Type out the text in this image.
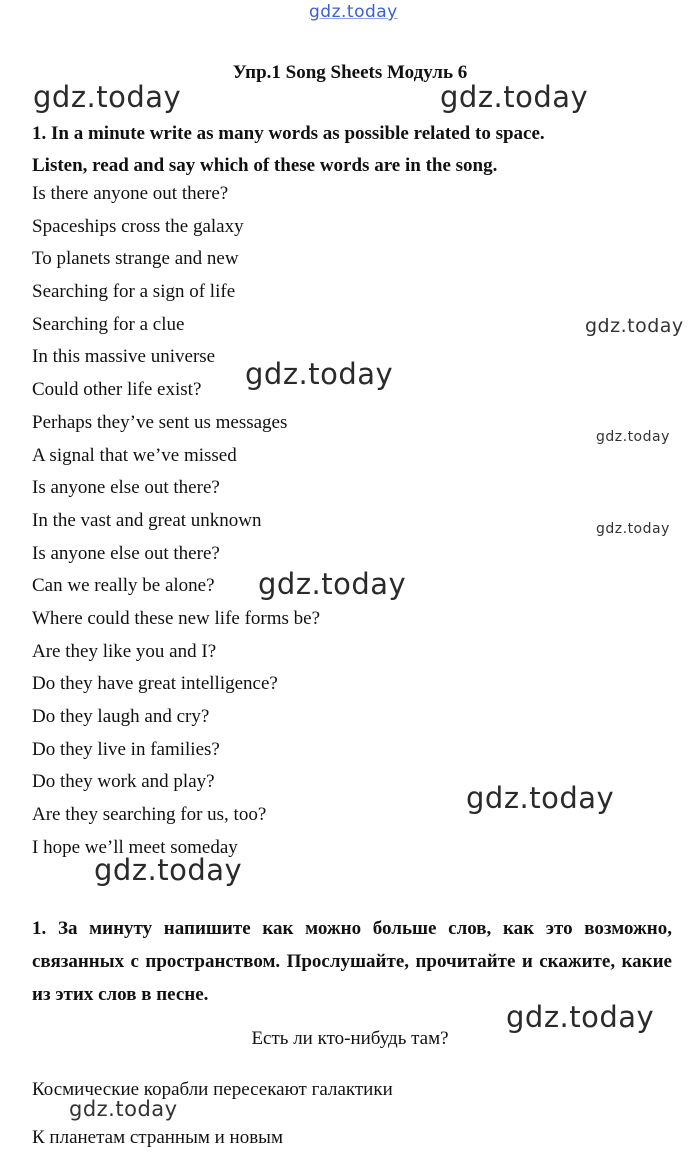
gdz.today
gdz.today	gdz.today
gdz.today
gdz.today
gdz.today
gdz.today
gdz.today
gdz.today
gdz.today
gdz.today
gdz.today
Упр.1 Song Sheets Модуль 6
1. In a minute write as many words as possible related to space.
Listen, read and say which of these words are in the song.
Is there anyone out there?
Spaceships cross the galaxy
To planets strange and new
Searching for a sign of life
Searching for a clue
In this massive universe
Could other life exist?
Perhaps they’ve sent us messages
A signal that we’ve missed
Is anyone else out there?
In the vast and great unknown
Is anyone else out there?
Can we really be alone?
Where could these new life forms be?
Are they like you and I?
Do they have great intelligence?
Do they laugh and cry?
Do they live in families?
Do they work and play?
Are they searching for us, too?
I hope we’ll meet someday
1. За минуту напишите как можно больше слов, как это возможно, связанных с пространством. Прослушайте, прочитайте и скажите, какие из этих слов в песне.
Есть ли кто-нибудь там?
Космические корабли пересекают галактики
К планетам странным и новым
